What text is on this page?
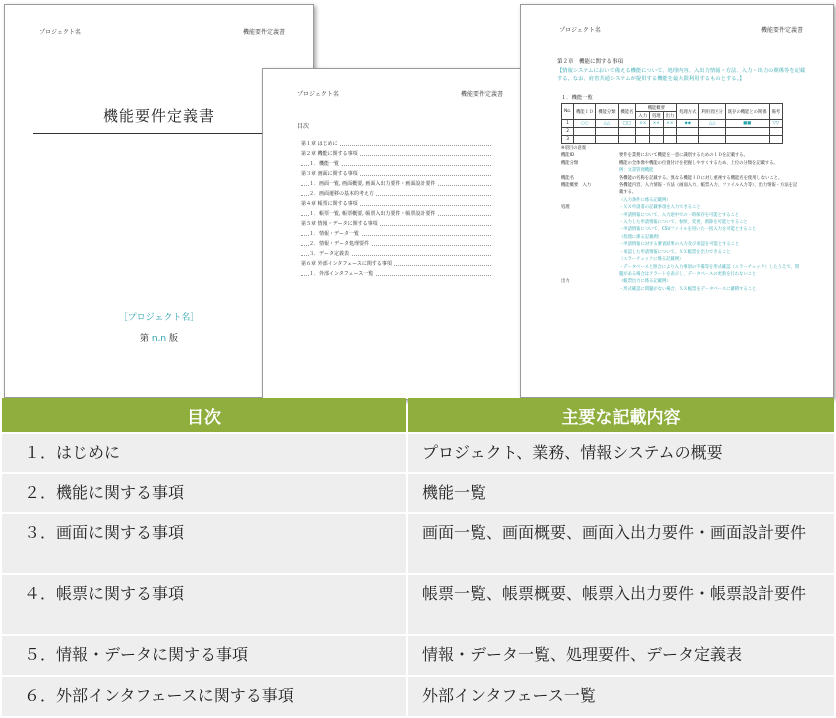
プロジェクト名	機能要件定義書
機能要件定義書
［プロジェクト名］
第 n.n 版
プロジェクト名	機能要件定義書
目次
第１章 はじめに
第２章 機能に関する事項
１．機能一覧
第３章 画面に関する事項
１．画面一覧, 画面概要, 画面入出力要件・画面設計要件
２．画面遷移の基本的考え方
第４章 帳票に関する事項
１．帳票一覧, 帳票概要, 帳票入出力要件・帳票設計要件
第５章 情報・データに関する事項
１．情報・データ一覧
２．情報・データ処理要件
３．データ定義表
第６章 外部インタフェースに関する事項
１．外部インタフェース一覧
プロジェクト名	機能要件定義書
第２章　機能に関する事項
【情報システムにおいて備える機能について、処理内容、入出力情報・方法、入力・出力の関係等を記載する。なお、府省共通システムが提供する機能を最大限利用するものとする。】
１．機能一覧
No.	機能ＩＤ	機能分類	機能名	機能概要			処理方式	利用者区分	既存の機能との関係	備考
				入力	処理	出力				
1	○○	△△	□□	××	××	××	◆◆	△△	■■	▽▽
2										
3										
※項目の意義
機能ID	要件を業務において機能を一意に識別するためのＩＤを記載する。
機能分類	機能の全体像や機能の位置付けを把握しやすくするため、上位の分類を記載する。
例：文書管理機能
機能名	各機能の名称を記載する。異なる機能ＩＤに対し重複する機能名を使用しないこと。
機能概要　入力	各機能内容、入力情報・方法（画面入力、帳票入力、ファイル入力等）、出力情報・方法を記載する。
（入力条件に係る記載例）
処理	・ＸＸ申請書の記載事項を入力できること
・申請情報について、入力途中での一時保存を可能とすること
・入力した申請情報について、参照、変更、削除を可能とすること
・申請情報について、CSVファイルを用いた一括入力を可能とすること
（処理に係る記載例）
・申請情報に対する審査結果の入力及び承認を可能とすること
・承認した申請情報について、ＸＸ帳票を出力できること
（エラーチェックに係る記載例）
・データベースと照合により入力事項の不備等を形式確認（エラーチェック）したうえで、問題がある場合はアラートを表示し、データベースの更新を行わないこと
出力	（帳票出力に係る記載例）
・形式確認に問題がない場合、ＸＸ帳票をデータベースに蓄積すること
目次	主要な記載内容
１．はじめに	プロジェクト、業務、情報システムの概要
２．機能に関する事項	機能一覧
３．画面に関する事項	画面一覧、画面概要、画面入出力要件・画面設計要件
４．帳票に関する事項	帳票一覧、帳票概要、帳票入出力要件・帳票設計要件
５．情報・データに関する事項	情報・データ一覧、処理要件、データ定義表
６．外部インタフェースに関する事項	外部インタフェース一覧
